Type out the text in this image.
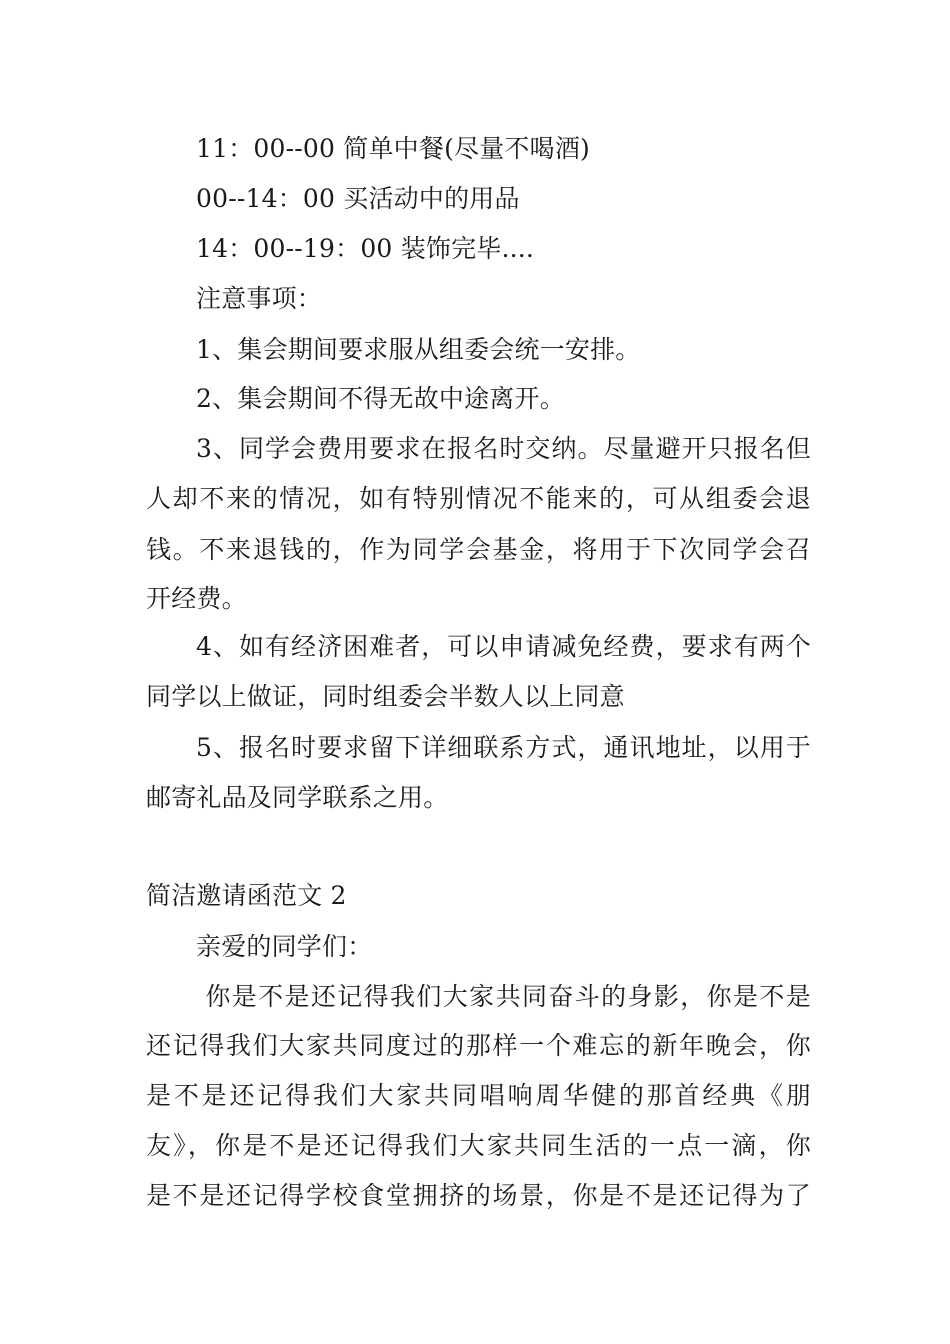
11：00--00 简单中餐(尽量不喝酒)
00--14：00 买活动中的用品
14：00--19：00 装饰完毕....
注意事项：
1、集会期间要求服从组委会统一安排。
2、集会期间不得无故中途离开。
3、同学会费用要求在报名时交纳。尽量避开只报名但
人却不来的情况，如有特别情况不能来的，可从组委会退
钱。不来退钱的，作为同学会基金，将用于下次同学会召
开经费。
4、如有经济困难者，可以申请减免经费，要求有两个
同学以上做证，同时组委会半数人以上同意
5、报名时要求留下详细联系方式，通讯地址，以用于
邮寄礼品及同学联系之用。
简洁邀请函范文 2
亲爱的同学们：
你是不是还记得我们大家共同奋斗的身影，你是不是
还记得我们大家共同度过的那样一个难忘的新年晚会，你
是不是还记得我们大家共同唱响周华健的那首经典《朋
友》，你是不是还记得我们大家共同生活的一点一滴，你
是不是还记得学校食堂拥挤的场景，你是不是还记得为了
